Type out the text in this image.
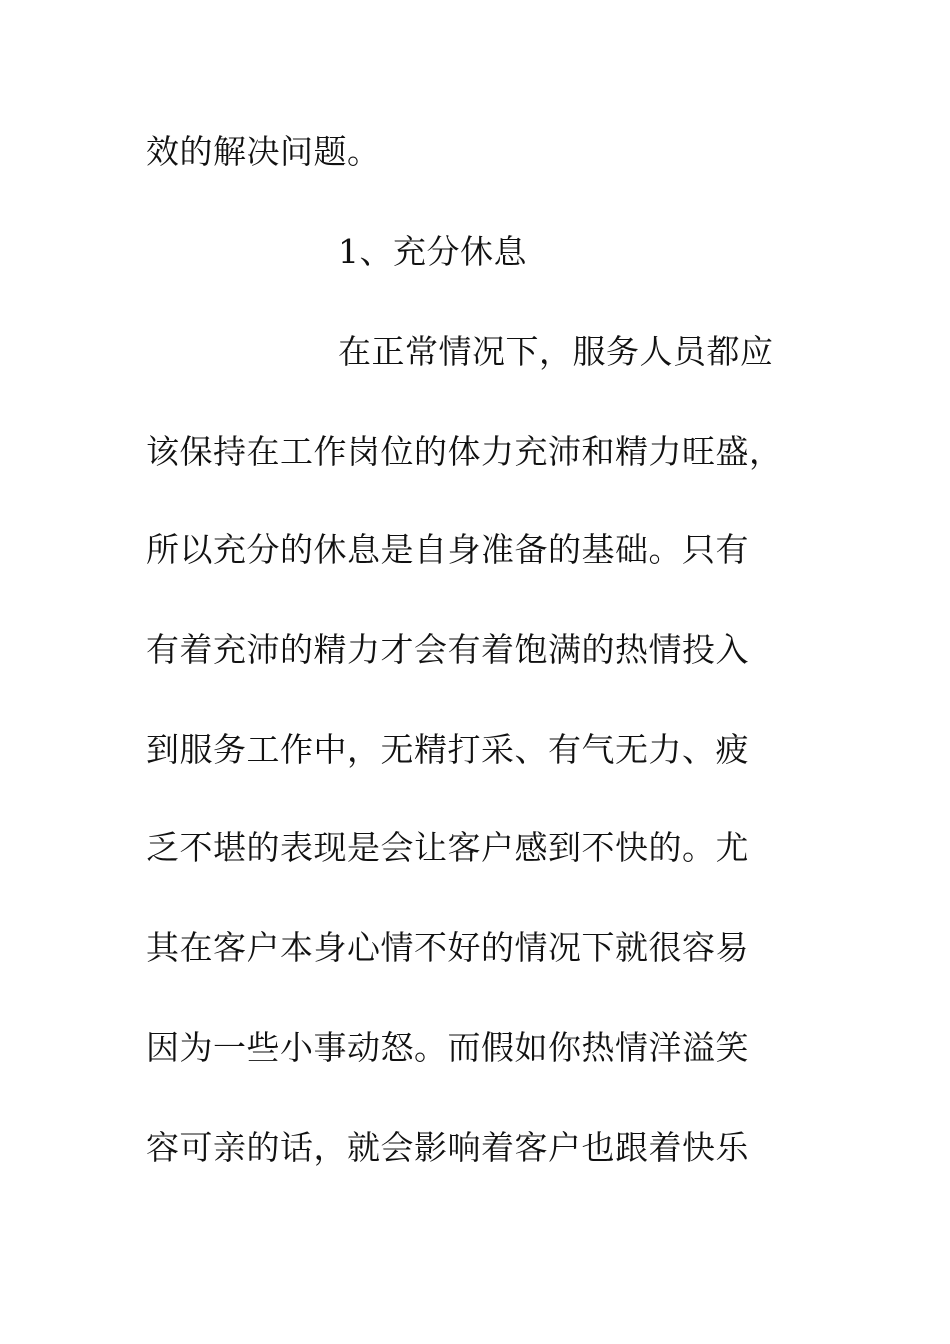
效的解决问题。
1、充分休息
在正常情况下，服务人员都应
该保持在工作岗位的体力充沛和精力旺盛，
所以充分的休息是自身准备的基础。只有
有着充沛的精力才会有着饱满的热情投入
到服务工作中，无精打采、有气无力、疲
乏不堪的表现是会让客户感到不快的。尤
其在客户本身心情不好的情况下就很容易
因为一些小事动怒。而假如你热情洋溢笑
容可亲的话，就会影响着客户也跟着快乐
